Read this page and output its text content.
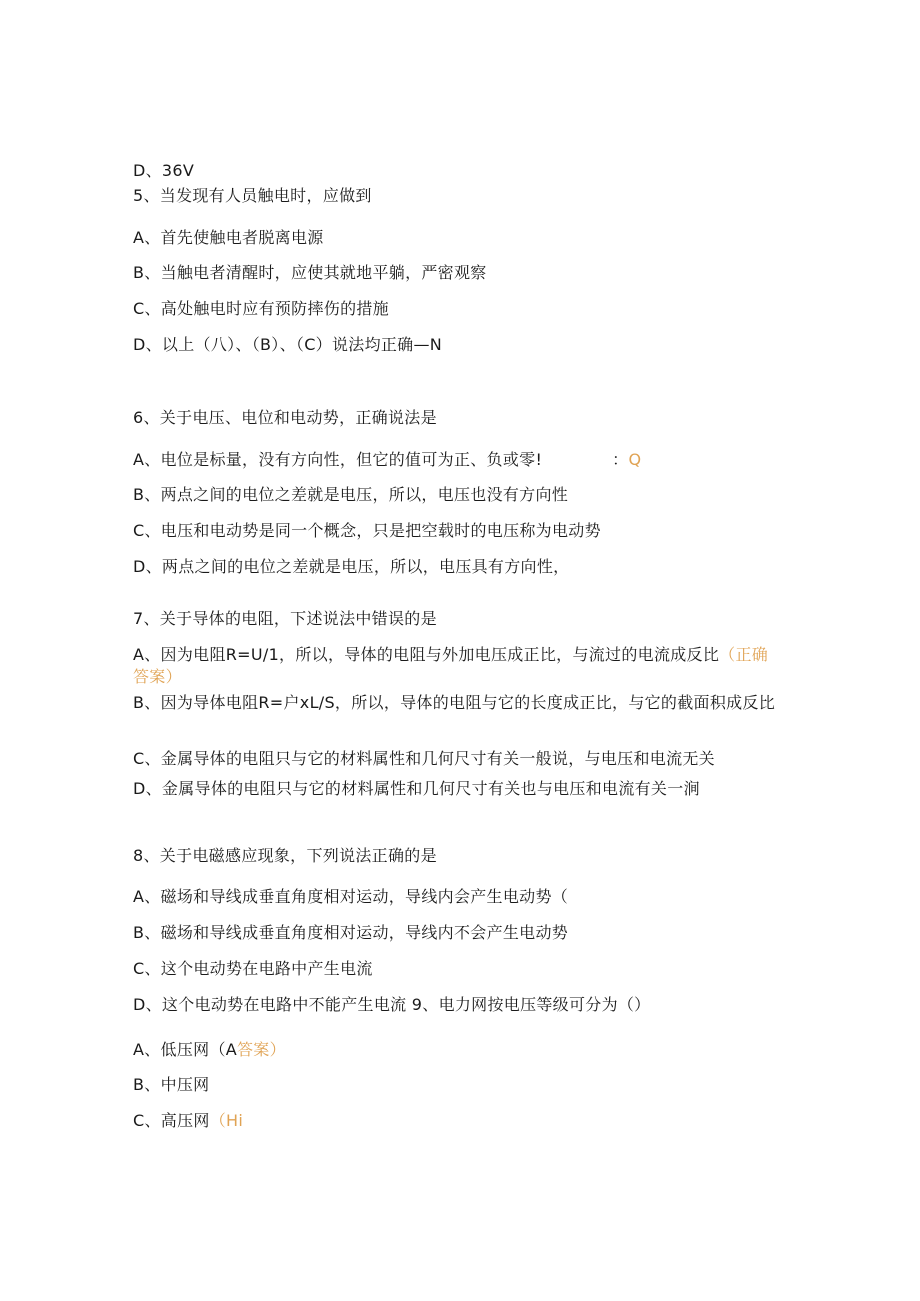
D、36V
5、当发现有人员触电时，应做到
A、首先使触电者脱离电源
B、当触电者清醒时，应使其就地平躺，严密观察
C、高处触电时应有预防摔伤的措施
D、以上（八）、（B）、（C）说法均正确—N
6、关于电压、电位和电动势，正确说法是
A、电位是标量，没有方向性，但它的值可为正、负或零!	：Q
B、两点之间的电位之差就是电压，所以，电压也没有方向性
C、电压和电动势是同一个概念，只是把空载时的电压称为电动势
D、两点之间的电位之差就是电压，所以，电压具有方向性，
7、关于导体的电阻，下述说法中错误的是
A、因为电阻R=U/1，所以，导体的电阻与外加电压成正比，与流过的电流成反比（正确答案）
B、因为导体电阻R=户xL/S，所以，导体的电阻与它的长度成正比，与它的截面积成反比
C、金属导体的电阻只与它的材料属性和几何尺寸有关一般说，与电压和电流无关
D、金属导体的电阻只与它的材料属性和几何尺寸有关也与电压和电流有关一涧
8、关于电磁感应现象，下列说法正确的是
A、磁场和导线成垂直角度相对运动，导线内会产生电动势（
B、磁场和导线成垂直角度相对运动，导线内不会产生电动势
C、这个电动势在电路中产生电流
D、这个电动势在电路中不能产生电流 9、电力网按电压等级可分为（）
A、低压网（A答案）
B、中压网
C、高压网（Hi
